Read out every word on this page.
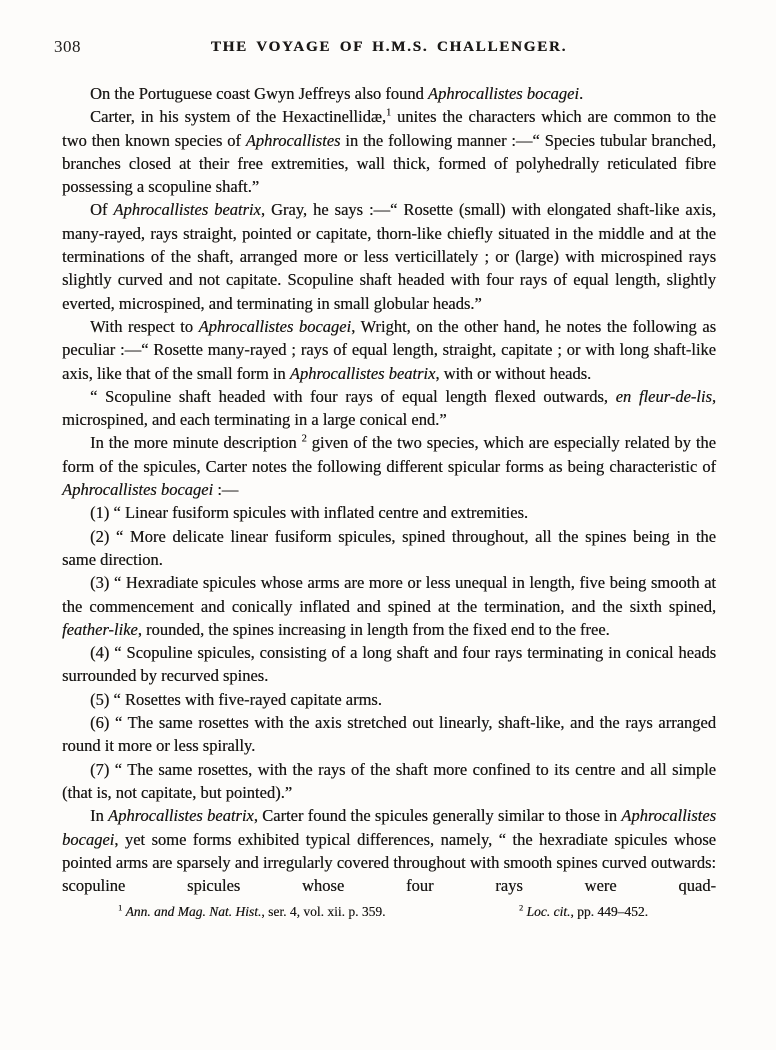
308	THE VOYAGE OF H.M.S. CHALLENGER.

On the Portuguese coast Gwyn Jeffreys also found Aphrocallistes bocagei.

Carter, in his system of the Hexactinellidæ,$^1$ unites the characters which are common to the two then known species of Aphrocallistes in the following manner :—“ Species tubular branched, branches closed at their free extremities, wall thick, formed of polyhedrally reticulated fibre possessing a scopuline shaft.”

Of Aphrocallistes beatrix, Gray, he says :—“ Rosette (small) with elongated shaft-like axis, many-rayed, rays straight, pointed or capitate, thorn-like chiefly situated in the middle and at the terminations of the shaft, arranged more or less verticillately ; or (large) with microspined rays slightly curved and not capitate. Scopuline shaft headed with four rays of equal length, slightly everted, microspined, and terminating in small globular heads.”

With respect to Aphrocallistes bocagei, Wright, on the other hand, he notes the following as peculiar :—“ Rosette many-rayed ; rays of equal length, straight, capitate ; or with long shaft-like axis, like that of the small form in Aphrocallistes beatrix, with or without heads.

“ Scopuline shaft headed with four rays of equal length flexed outwards, en fleur-de-lis, microspined, and each terminating in a large conical end.”

In the more minute description $^2$ given of the two species, which are especially related by the form of the spicules, Carter notes the following different spicular forms as being characteristic of Aphrocallistes bocagei :—

(1) “ Linear fusiform spicules with inflated centre and extremities.

(2) “ More delicate linear fusiform spicules, spined throughout, all the spines being in the same direction.

(3) “ Hexradiate spicules whose arms are more or less unequal in length, five being smooth at the commencement and conically inflated and spined at the termination, and the sixth spined, feather-like, rounded, the spines increasing in length from the fixed end to the free.

(4) “ Scopuline spicules, consisting of a long shaft and four rays terminating in conical heads surrounded by recurved spines.

(5) “ Rosettes with five-rayed capitate arms.

(6) “ The same rosettes with the axis stretched out linearly, shaft-like, and the rays arranged round it more or less spirally.

(7) “ The same rosettes, with the rays of the shaft more confined to its centre and all simple (that is, not capitate, but pointed).”

In Aphrocallistes beatrix, Carter found the spicules generally similar to those in Aphrocallistes bocagei, yet some forms exhibited typical differences, namely, “ the hexradiate spicules whose pointed arms are sparsely and irregularly covered throughout with smooth spines curved outwards: scopuline spicules whose four rays were quad-

$^1$ Ann. and Mag. Nat. Hist., ser. 4, vol. xii. p. 359.	$^2$ Loc. cit., pp. 449–452.
